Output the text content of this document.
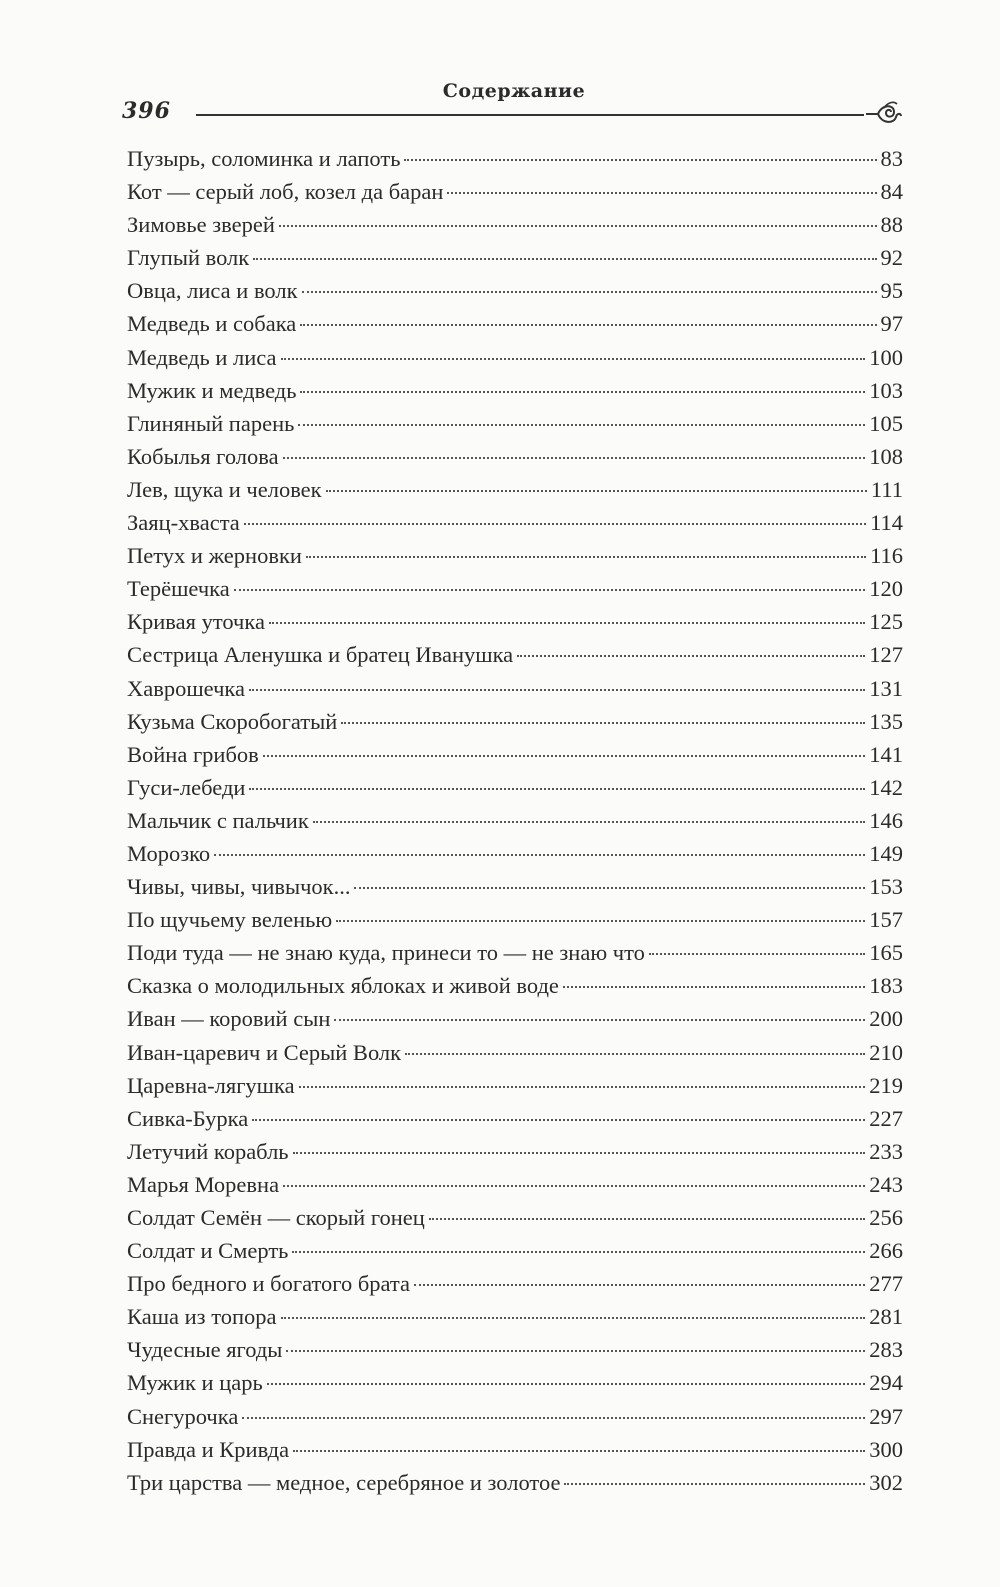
Содержание
396
Пузырь, соломинка и лапоть	83
Кот — серый лоб, козел да баран	84
Зимовье зверей	88
Глупый волк	92
Овца, лиса и волк	95
Медведь и собака	97
Медведь и лиса	100
Мужик и медведь	103
Глиняный парень	105
Кобылья голова	108
Лев, щука и человек	111
Заяц-хваста	114
Петух и жерновки	116
Терёшечка	120
Кривая уточка	125
Сестрица Аленушка и братец Иванушка	127
Хаврошечка	131
Кузьма Скоробогатый	135
Война грибов	141
Гуси-лебеди	142
Мальчик с пальчик	146
Морозко	149
Чивы, чивы, чивычок...	153
По щучьему веленью	157
Поди туда — не знаю куда, принеси то — не знаю что	165
Сказка о молодильных яблоках и живой воде	183
Иван — коровий сын	200
Иван-царевич и Серый Волк	210
Царевна-лягушка	219
Сивка-Бурка	227
Летучий корабль	233
Марья Моревна	243
Солдат Семён — скорый гонец	256
Солдат и Смерть	266
Про бедного и богатого брата	277
Каша из топора	281
Чудесные ягоды	283
Мужик и царь	294
Снегурочка	297
Правда и Кривда	300
Три царства — медное, серебряное и золотое	302
